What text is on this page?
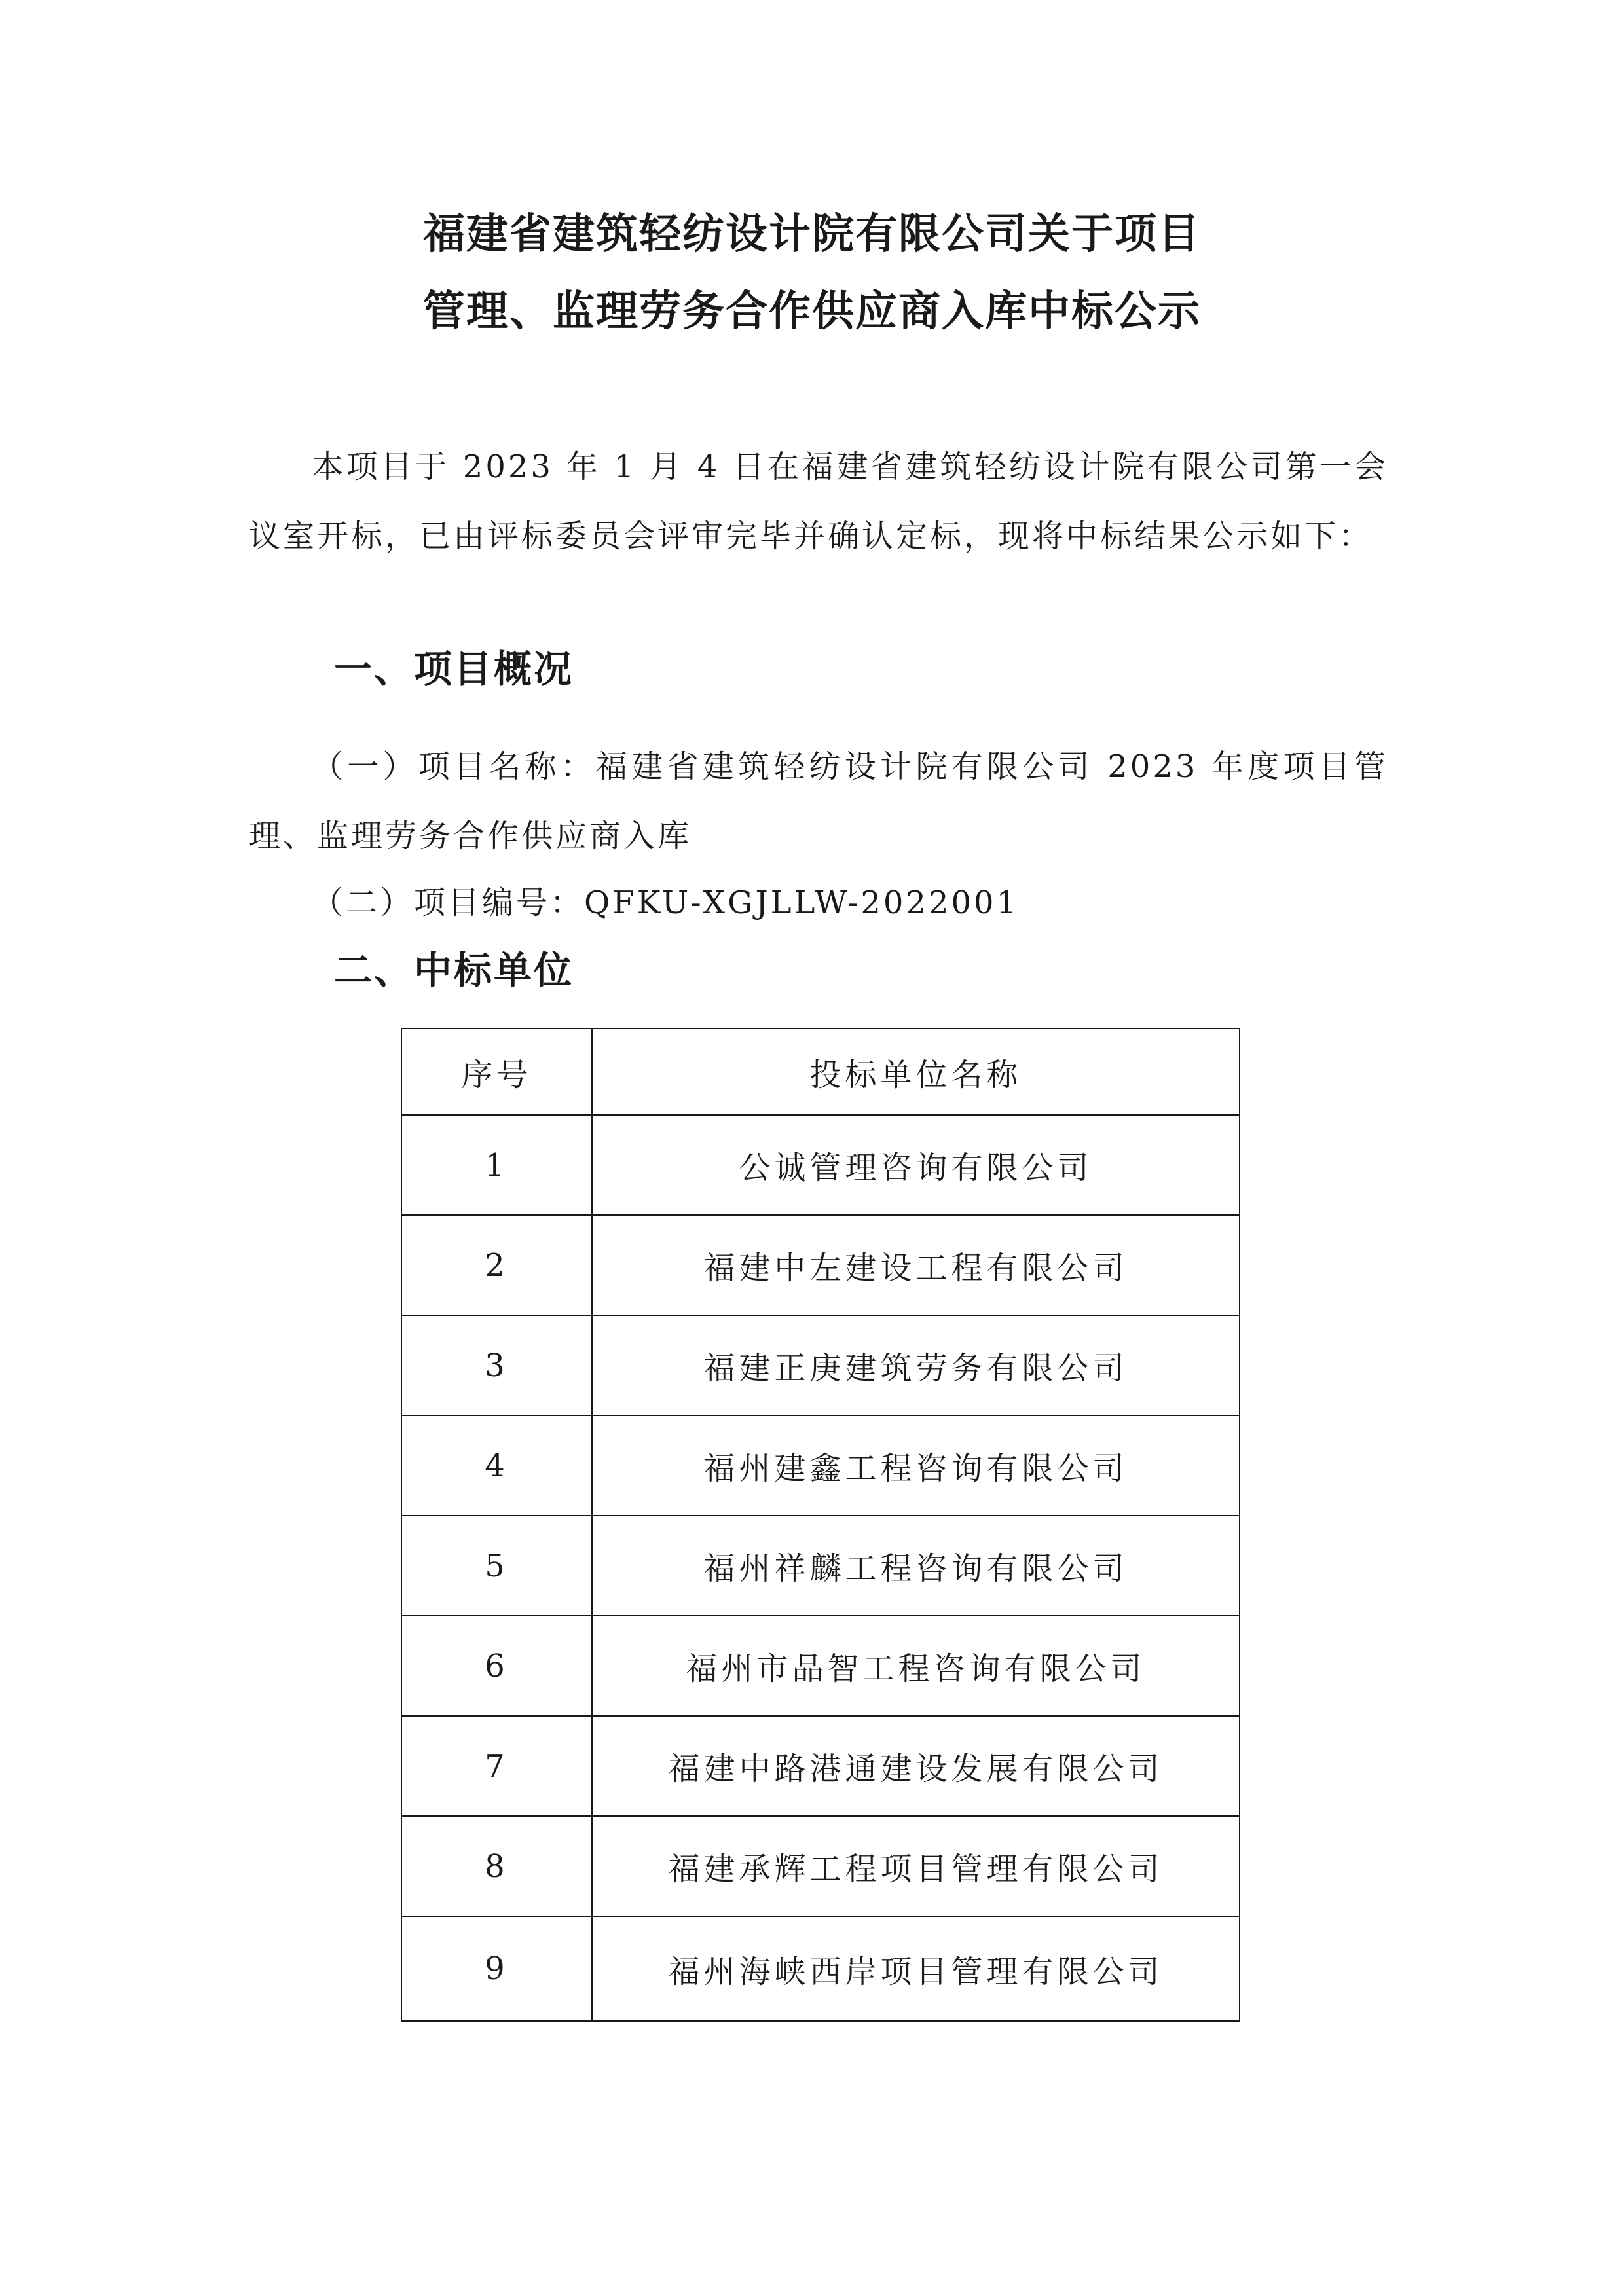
福建省建筑轻纺设计院有限公司关于项目
管理、监理劳务合作供应商入库中标公示

本项目于 2023 年 1 月 4 日在福建省建筑轻纺设计院有限公司第一会议室开标，已由评标委员会评审完毕并确认定标，现将中标结果公示如下：

一、项目概况

（一）项目名称：福建省建筑轻纺设计院有限公司 2023 年度项目管理、监理劳务合作供应商入库

（二）项目编号：QFKU-XGJLLW-2022001
二、中标单位
序号	投标单位名称
1	公诚管理咨询有限公司
2	福建中左建设工程有限公司
3	福建正庚建筑劳务有限公司
4	福州建鑫工程咨询有限公司
5	福州祥麟工程咨询有限公司
6	福州市品智工程咨询有限公司
7	福建中路港通建设发展有限公司
8	福建承辉工程项目管理有限公司
9	福州海峡西岸项目管理有限公司
